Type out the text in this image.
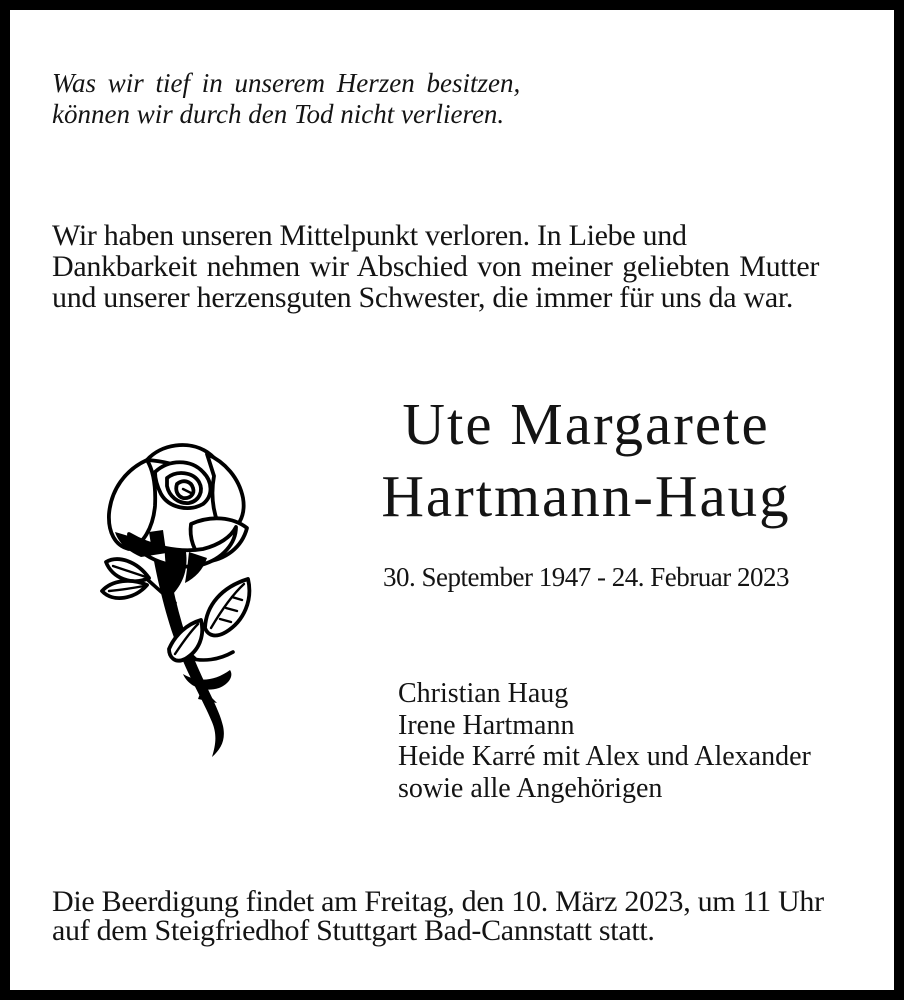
Was wir tief in unserem Herzen besitzen,
können wir durch den Tod nicht verlieren.
Wir haben unseren Mittelpunkt verloren. In Liebe und
Dankbarkeit nehmen wir Abschied von meiner geliebten Mutter
und unserer herzensguten Schwester, die immer für uns da war.
Ute Margarete
Hartmann-Haug
30. September 1947 - 24. Februar 2023
Christian Haug
Irene Hartmann
Heide Karré mit Alex und Alexander
sowie alle Angehörigen
Die Beerdigung findet am Freitag, den 10. März 2023, um 11 Uhr
auf dem Steigfriedhof Stuttgart Bad-Cannstatt statt.
